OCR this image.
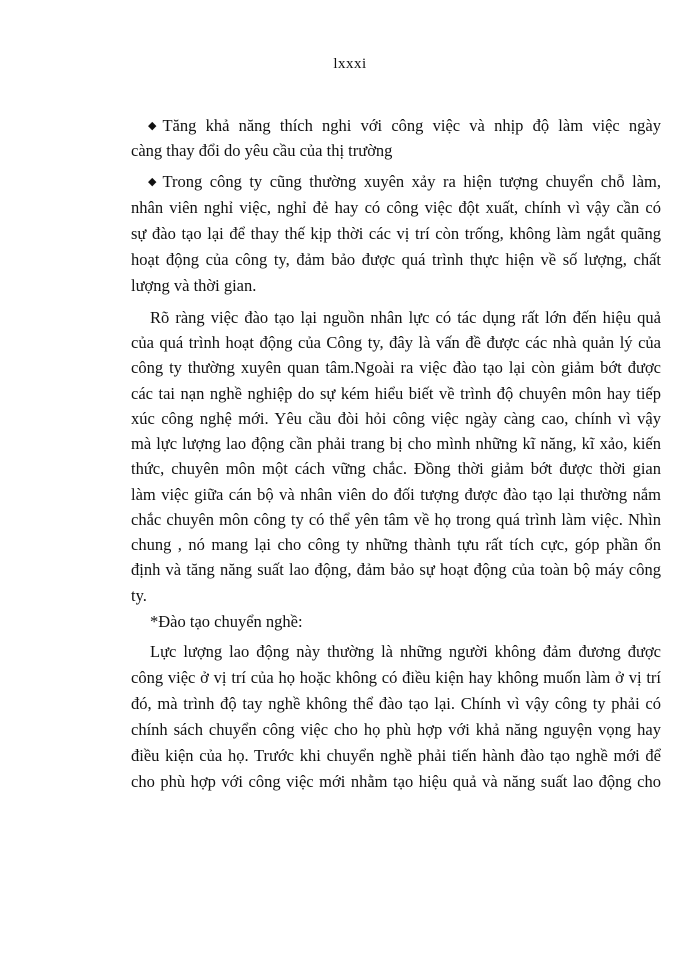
lxxxi
◆ Tăng khả năng thích nghi với công việc và nhịp độ làm việc ngày
càng thay đổi do yêu cầu của thị trường
◆ Trong công ty cũng thường xuyên xảy ra hiện tượng chuyển chỗ làm,
nhân viên nghỉ việc, nghỉ đẻ hay có công việc đột xuất, chính vì vậy cần có
sự đào tạo lại để thay thế kịp thời các vị trí còn trống, không làm ngắt quãng
hoạt động của công ty, đảm bảo được quá trình thực hiện về số lượng, chất
lượng và thời gian.
Rõ ràng việc đào tạo lại nguồn nhân lực có tác dụng rất lớn đến hiệu quả
của quá trình hoạt động của Công ty, đây là vấn đề được các nhà quản lý của
công ty thường xuyên quan tâm.Ngoài ra việc đào tạo lại còn giảm bớt được
các tai nạn nghề nghiệp do sự kém hiểu biết về trình độ chuyên môn hay tiếp
xúc công nghệ mới. Yêu cầu đòi hỏi công việc ngày càng cao, chính vì vậy
mà lực lượng lao động cần phải trang bị cho mình những kĩ năng, kĩ xảo, kiến
thức, chuyên môn một cách vững chắc. Đồng thời giảm bớt được thời gian
làm việc giữa cán bộ và nhân viên do đối tượng được đào tạo lại thường nắm
chắc chuyên môn công ty có thể yên tâm về họ trong quá trình làm việc. Nhìn
chung , nó mang lại cho công ty những thành tựu rất tích cực, góp phần ổn
định và tăng năng suất lao động, đảm bảo sự hoạt động của toàn bộ máy công
ty.
*Đào tạo chuyển nghề:
Lực lượng lao động này thường là những người không đảm đương được
công việc ở vị trí của họ hoặc không có điều kiện hay không muốn làm ở vị trí
đó, mà trình độ tay nghề không thể đào tạo lại. Chính vì vậy công ty phải có
chính sách chuyển công việc cho họ phù hợp với khả năng nguyện vọng hay
điều kiện của họ. Trước khi chuyển nghề phải tiến hành đào tạo nghề mới để
cho phù hợp với công việc mới nhằm tạo hiệu quả và năng suất lao động cho
